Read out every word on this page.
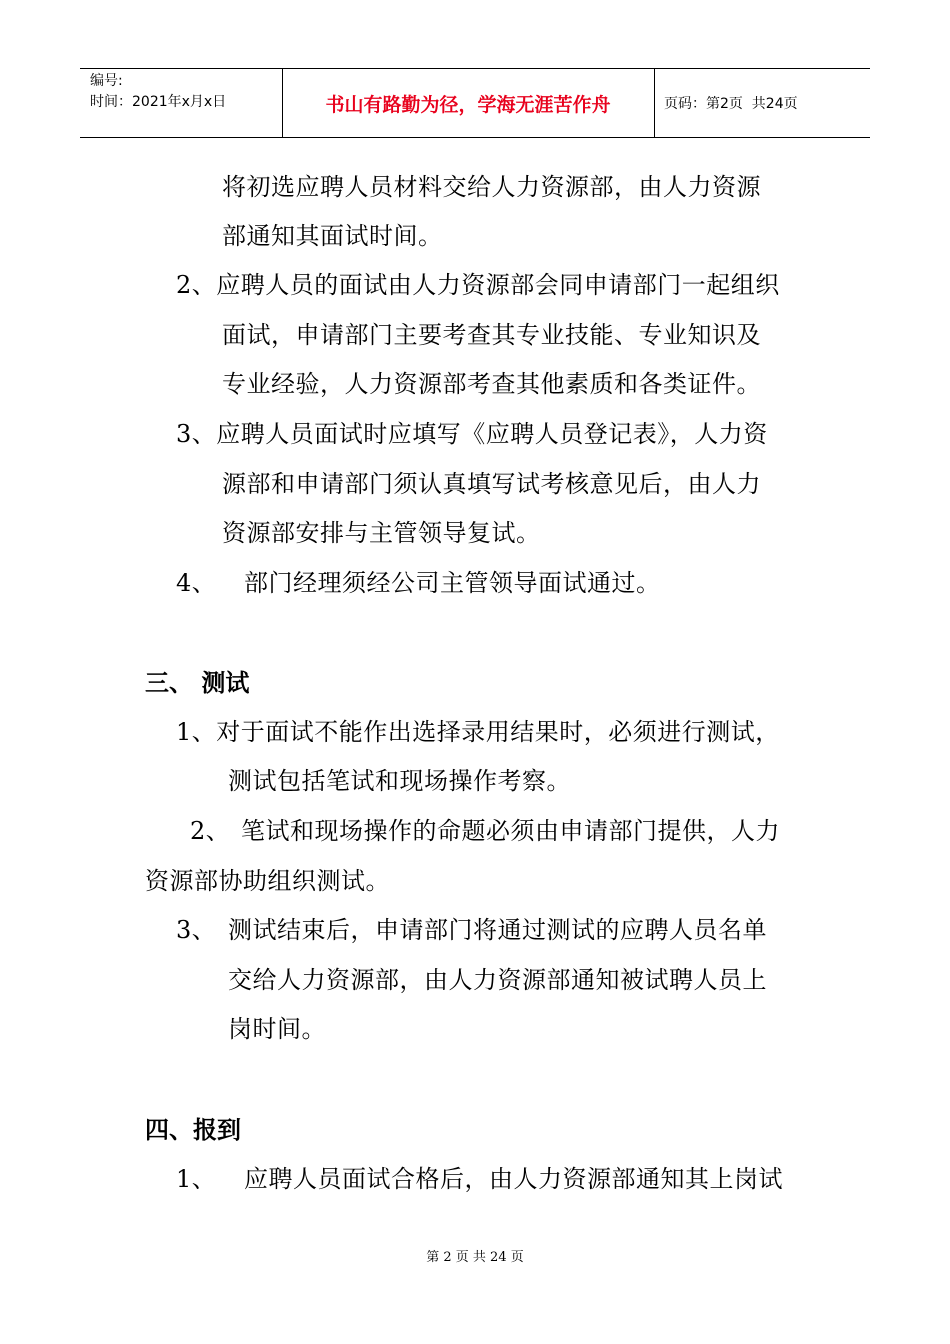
编号:
时间：2021年x月x日	书山有路勤为径，学海无涯苦作舟	页码：第2页  共24页
将初选应聘人员材料交给人力资源部，由人力资源
部通知其面试时间。
2、应聘人员的面试由人力资源部会同申请部门一起组织
面试，申请部门主要考查其专业技能、专业知识及
专业经验，人力资源部考查其他素质和各类证件。
3、应聘人员面试时应填写《应聘人员登记表》，人力资
源部和申请部门须认真填写试考核意见后，由人力
资源部安排与主管领导复试。
4、 部门经理须经公司主管领导面试通过。
三、 测试
1、对于面试不能作出选择录用结果时，必须进行测试，
测试包括笔试和现场操作考察。
2、 笔试和现场操作的命题必须由申请部门提供，人力
资源部协助组织测试。
3、 测试结束后，申请部门将通过测试的应聘人员名单
交给人力资源部，由人力资源部通知被试聘人员上
岗时间。
四、报到
1、 应聘人员面试合格后，由人力资源部通知其上岗试
第 2 页 共 24 页
